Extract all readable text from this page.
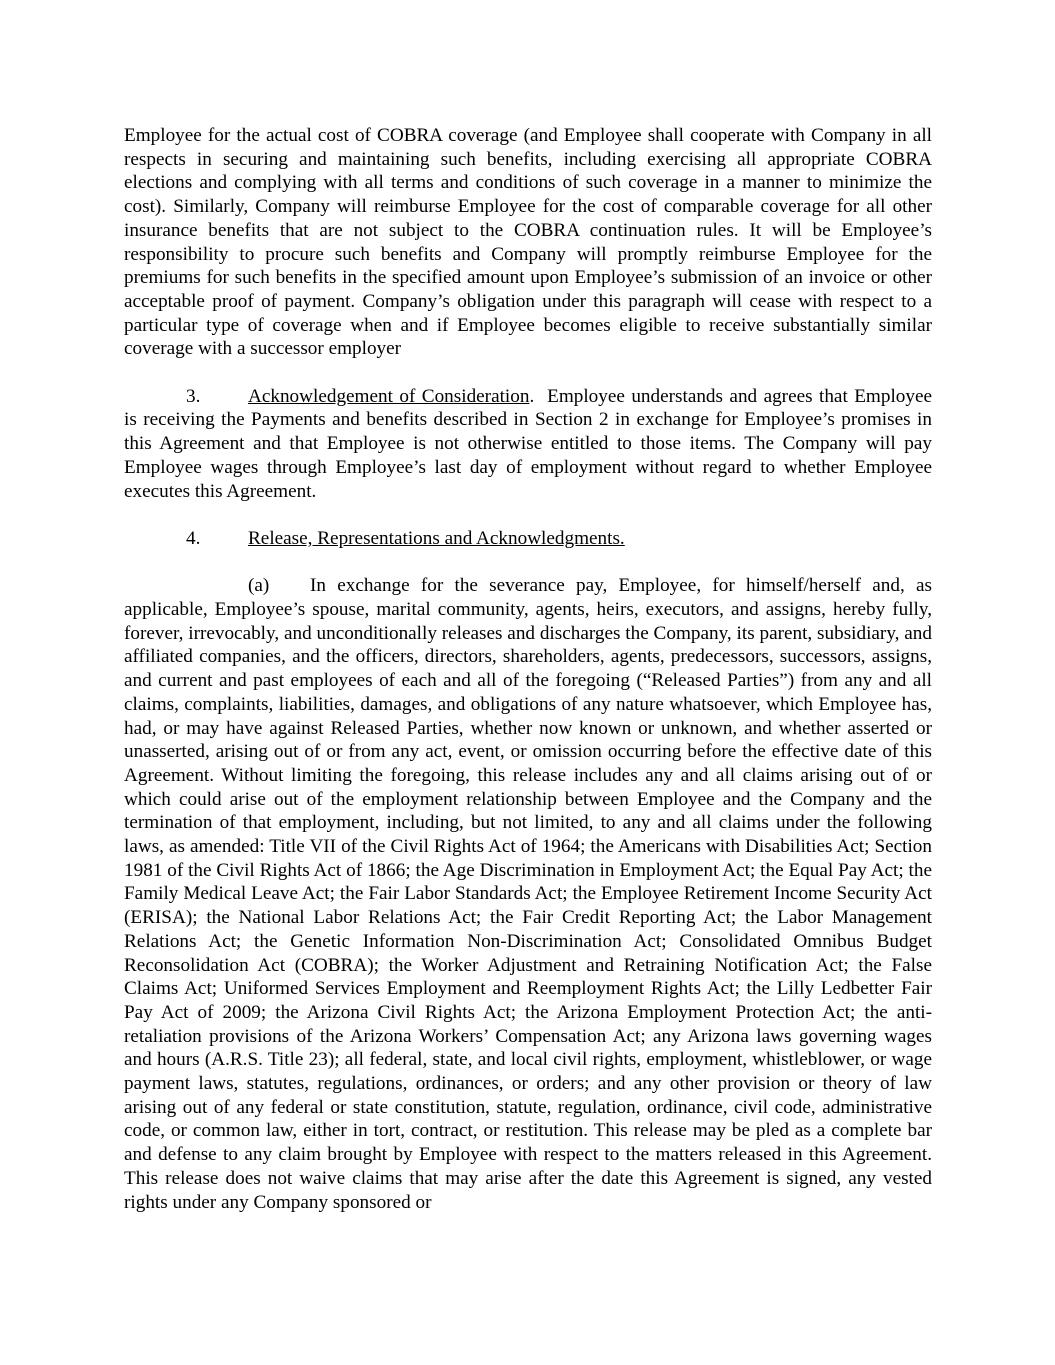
Employee for the actual cost of COBRA coverage (and Employee shall cooperate with Company in all respects in securing and maintaining such benefits, including exercising all appropriate COBRA elections and complying with all terms and conditions of such coverage in a manner to minimize the cost). Similarly, Company will reimburse Employee for the cost of comparable coverage for all other insurance benefits that are not subject to the COBRA continuation rules. It will be Employee’s responsibility to procure such benefits and Company will promptly reimburse Employee for the premiums for such benefits in the specified amount upon Employee’s submission of an invoice or other acceptable proof of payment. Company’s obligation under this paragraph will cease with respect to a particular type of coverage when and if Employee becomes eligible to receive substantially similar coverage with a successor employer

3. Acknowledgement of Consideration.  Employee understands and agrees that Employee is receiving the Payments and benefits described in Section 2 in exchange for Employee’s promises in this Agreement and that Employee is not otherwise entitled to those items. The Company will pay Employee wages through Employee’s last day of employment without regard to whether Employee executes this Agreement.

4. Release, Representations and Acknowledgments.

(a) In exchange for the severance pay, Employee, for himself/herself and, as applicable, Employee’s spouse, marital community, agents, heirs, executors, and assigns, hereby fully, forever, irrevocably, and unconditionally releases and discharges the Company, its parent, subsidiary, and affiliated companies, and the officers, directors, shareholders, agents, predecessors, successors, assigns, and current and past employees of each and all of the foregoing (“Released Parties”) from any and all claims, complaints, liabilities, damages, and obligations of any nature whatsoever, which Employee has, had, or may have against Released Parties, whether now known or unknown, and whether asserted or unasserted, arising out of or from any act, event, or omission occurring before the effective date of this Agreement. Without limiting the foregoing, this release includes any and all claims arising out of or which could arise out of the employment relationship between Employee and the Company and the termination of that employment, including, but not limited, to any and all claims under the following laws, as amended: Title VII of the Civil Rights Act of 1964; the Americans with Disabilities Act; Section 1981 of the Civil Rights Act of 1866; the Age Discrimination in Employment Act; the Equal Pay Act; the Family Medical Leave Act; the Fair Labor Standards Act; the Employee Retirement Income Security Act (ERISA); the National Labor Relations Act; the Fair Credit Reporting Act; the Labor Management Relations Act; the Genetic Information Non-Discrimination Act; Consolidated Omnibus Budget Reconsolidation Act (COBRA); the Worker Adjustment and Retraining Notification Act; the False Claims Act; Uniformed Services Employment and Reemployment Rights Act; the Lilly Ledbetter Fair Pay Act of 2009; the Arizona Civil Rights Act; the Arizona Employment Protection Act; the anti-retaliation provisions of the Arizona Workers’ Compensation Act; any Arizona laws governing wages and hours (A.R.S. Title 23); all federal, state, and local civil rights, employment, whistleblower, or wage payment laws, statutes, regulations, ordinances, or orders; and any other provision or theory of law arising out of any federal or state constitution, statute, regulation, ordinance, civil code, administrative code, or common law, either in tort, contract, or restitution. This release may be pled as a complete bar and defense to any claim brought by Employee with respect to the matters released in this Agreement. This release does not waive claims that may arise after the date this Agreement is signed, any vested rights under any Company sponsored or
